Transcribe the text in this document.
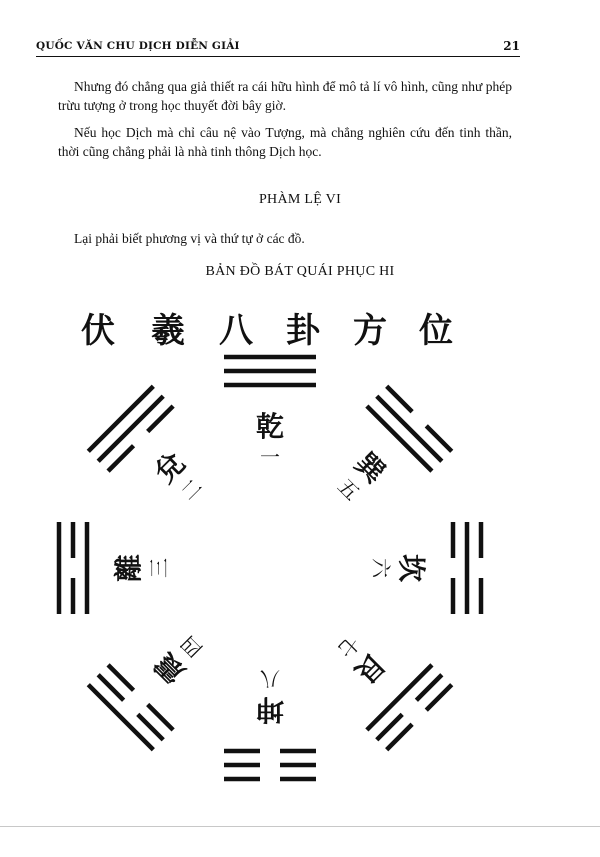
QUỐC VĂN CHU DỊCH DIỄN GIẢI	21

Nhưng đó chẳng qua giả thiết ra cái hữu hình để mô tả lí vô hình, cũng như phép trừu tượng ở trong học thuyết đời bây giờ.

Nếu học Dịch mà chỉ câu nệ vào Tượng, mà chẳng nghiên cứu đến tinh thần, thời cũng chẳng phải là nhà tinh thông Dịch học.

PHÀM LỆ VI

Lại phải biết phương vị và thứ tự ở các đồ.

BẢN ĐỒ BÁT QUÁI PHỤC HI
伏 羲 八 卦 方 位
乾
一
兌
二
離 三
震
四
巽
五
坎
六
艮
七
坤
八
